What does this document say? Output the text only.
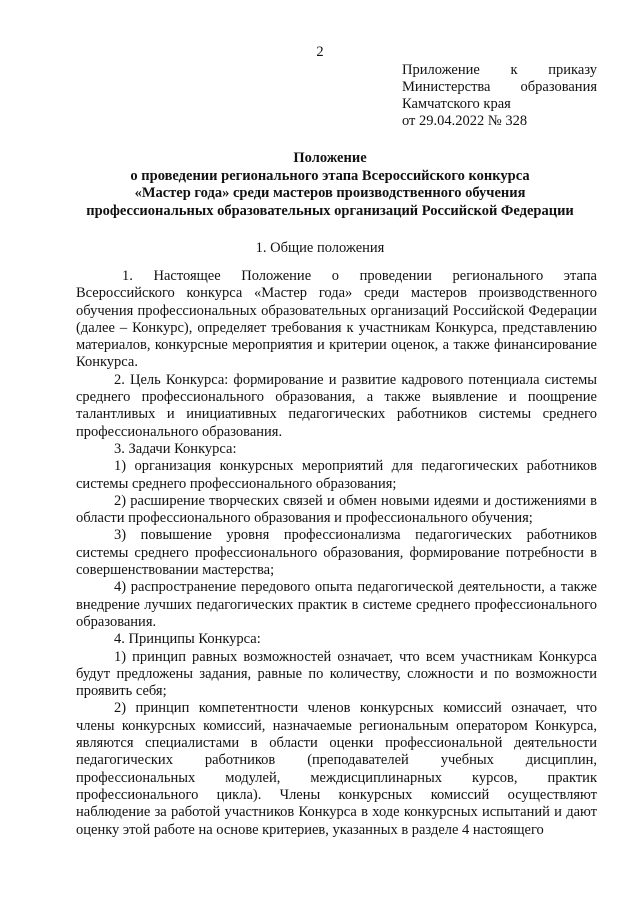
2
Приложение к приказу
Министерства образования
Камчатского края
от 29.04.2022 № 328
Положение
о проведении регионального этапа Всероссийского конкурса
«Мастер года» среди мастеров производственного обучения
профессиональных образовательных организаций Российской Федерации
1. Общие положения

1. Настоящее Положение о проведении регионального этапа Всероссийского конкурса «Мастер года» среди мастеров производственного обучения профессиональных образовательных организаций Российской Федерации (далее – Конкурс), определяет требования к участникам Конкурса, представлению материалов, конкурсные мероприятия и критерии оценок, а также финансирование Конкурса.

2. Цель Конкурса: формирование и развитие кадрового потенциала системы среднего профессионального образования, а также выявление и поощрение талантливых и инициативных педагогических работников системы среднего профессионального образования.

3. Задачи Конкурса:

1) организация конкурсных мероприятий для педагогических работников системы среднего профессионального образования;

2) расширение творческих связей и обмен новыми идеями и достижениями в области профессионального образования и профессионального обучения;

3) повышение уровня профессионализма педагогических работников системы среднего профессионального образования, формирование потребности в совершенствовании мастерства;

4) распространение передового опыта педагогической деятельности, а также внедрение лучших педагогических практик в системе среднего профессионального образования.

4. Принципы Конкурса:

1) принцип равных возможностей означает, что всем участникам Конкурса будут предложены задания, равные по количеству, сложности и по возможности проявить себя;

2) принцип компетентности членов конкурсных комиссий означает, что члены конкурсных комиссий, назначаемые региональным оператором Конкурса, являются специалистами в области оценки профессиональной деятельности педагогических работников (преподавателей учебных дисциплин, профессиональных модулей, междисциплинарных курсов, практик профессионального цикла). Члены конкурсных комиссий осуществляют наблюдение за работой участников Конкурса в ходе конкурсных испытаний и дают оценку этой работе на основе критериев, указанных в разделе 4 настоящего
